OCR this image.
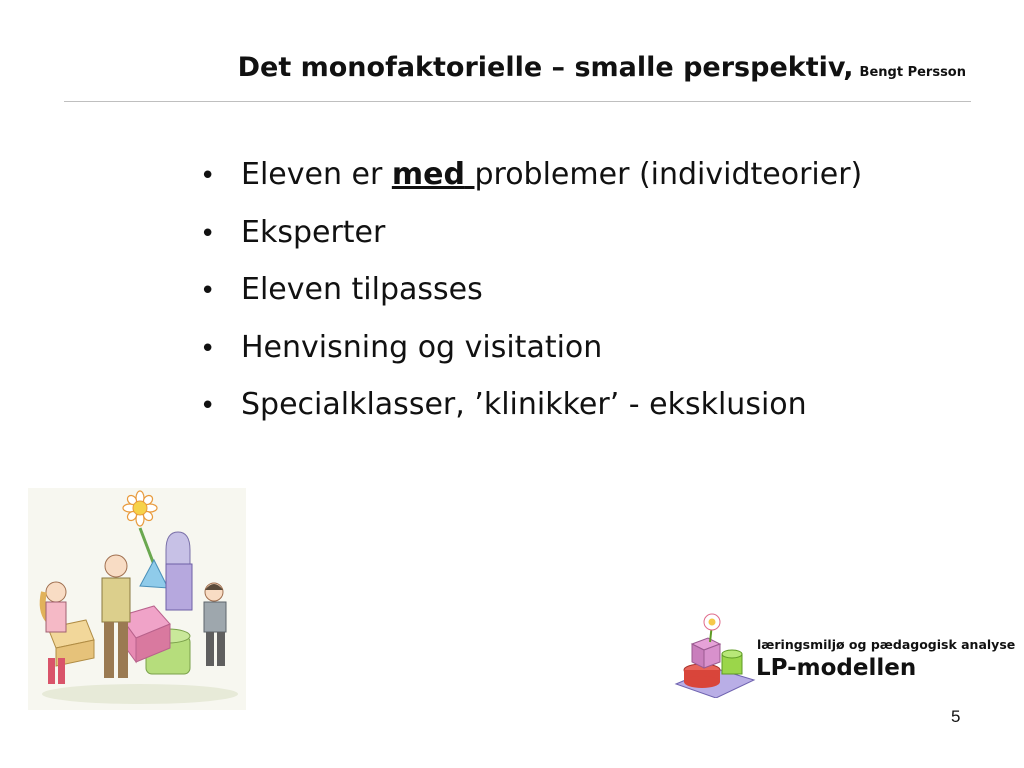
Det monofaktorielle – smalle perspektiv, Bengt Persson
• Eleven er med problemer (individteorier)
• Eksperter
• Eleven tilpasses
• Henvisning og visitation
• Specialklasser, ’klinikker’ - eksklusion
læringsmiljø og pædagogisk analyse
LP-modellen
5
